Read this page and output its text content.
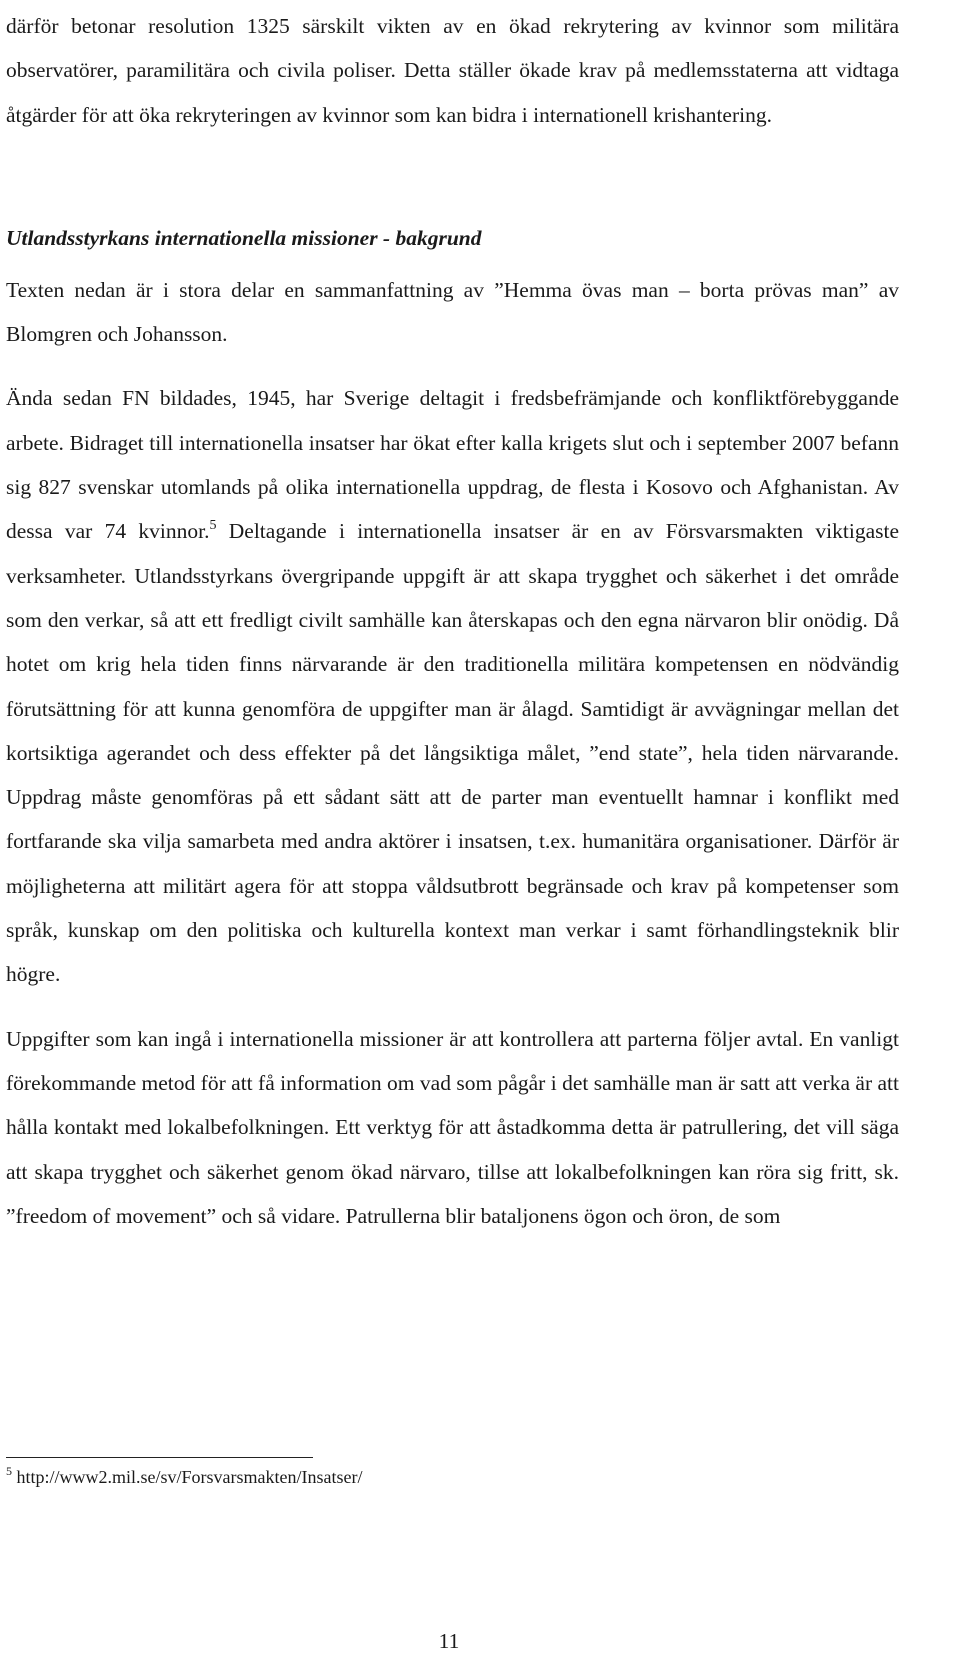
därför betonar resolution 1325 särskilt vikten av en ökad rekrytering av kvinnor som militära observatörer, paramilitära och civila poliser. Detta ställer ökade krav på medlemsstaterna att vidtaga åtgärder för att öka rekryteringen av kvinnor som kan bidra i internationell krishantering.

Utlandsstyrkans internationella missioner - bakgrund

Texten nedan är i stora delar en sammanfattning av ”Hemma övas man – borta prövas man” av Blomgren och Johansson.

Ända sedan FN bildades, 1945, har Sverige deltagit i fredsbefrämjande och konfliktförebyggande arbete. Bidraget till internationella insatser har ökat efter kalla krigets slut och i september 2007 befann sig 827 svenskar utomlands på olika internationella uppdrag, de flesta i Kosovo och Afghanistan. Av dessa var 74 kvinnor.$^5$ Deltagande i internationella insatser är en av Försvarsmakten viktigaste verksamheter. Utlandsstyrkans övergripande uppgift är att skapa trygghet och säkerhet i det område som den verkar, så att ett fredligt civilt samhälle kan återskapas och den egna närvaron blir onödig. Då hotet om krig hela tiden finns närvarande är den traditionella militära kompetensen en nödvändig förutsättning för att kunna genomföra de uppgifter man är ålagd. Samtidigt är avvägningar mellan det kortsiktiga agerandet och dess effekter på det långsiktiga målet, ”end state”, hela tiden närvarande. Uppdrag måste genomföras på ett sådant sätt att de parter man eventuellt hamnar i konflikt med fortfarande ska vilja samarbeta med andra aktörer i insatsen, t.ex. humanitära organisationer. Därför är möjligheterna att militärt agera för att stoppa våldsutbrott begränsade och krav på kompetenser som språk, kunskap om den politiska och kulturella kontext man verkar i samt förhandlingsteknik blir högre.

Uppgifter som kan ingå i internationella missioner är att kontrollera att parterna följer avtal. En vanligt förekommande metod för att få information om vad som pågår i det samhälle man är satt att verka är att hålla kontakt med lokalbefolkningen. Ett verktyg för att åstadkomma detta är patrullering, det vill säga att skapa trygghet och säkerhet genom ökad närvaro, tillse att lokalbefolkningen kan röra sig fritt, sk. ”freedom of movement” och så vidare. Patrullerna blir bataljonens ögon och öron, de som

$^5$ http://www2.mil.se/sv/Forsvarsmakten/Insatser/

11
